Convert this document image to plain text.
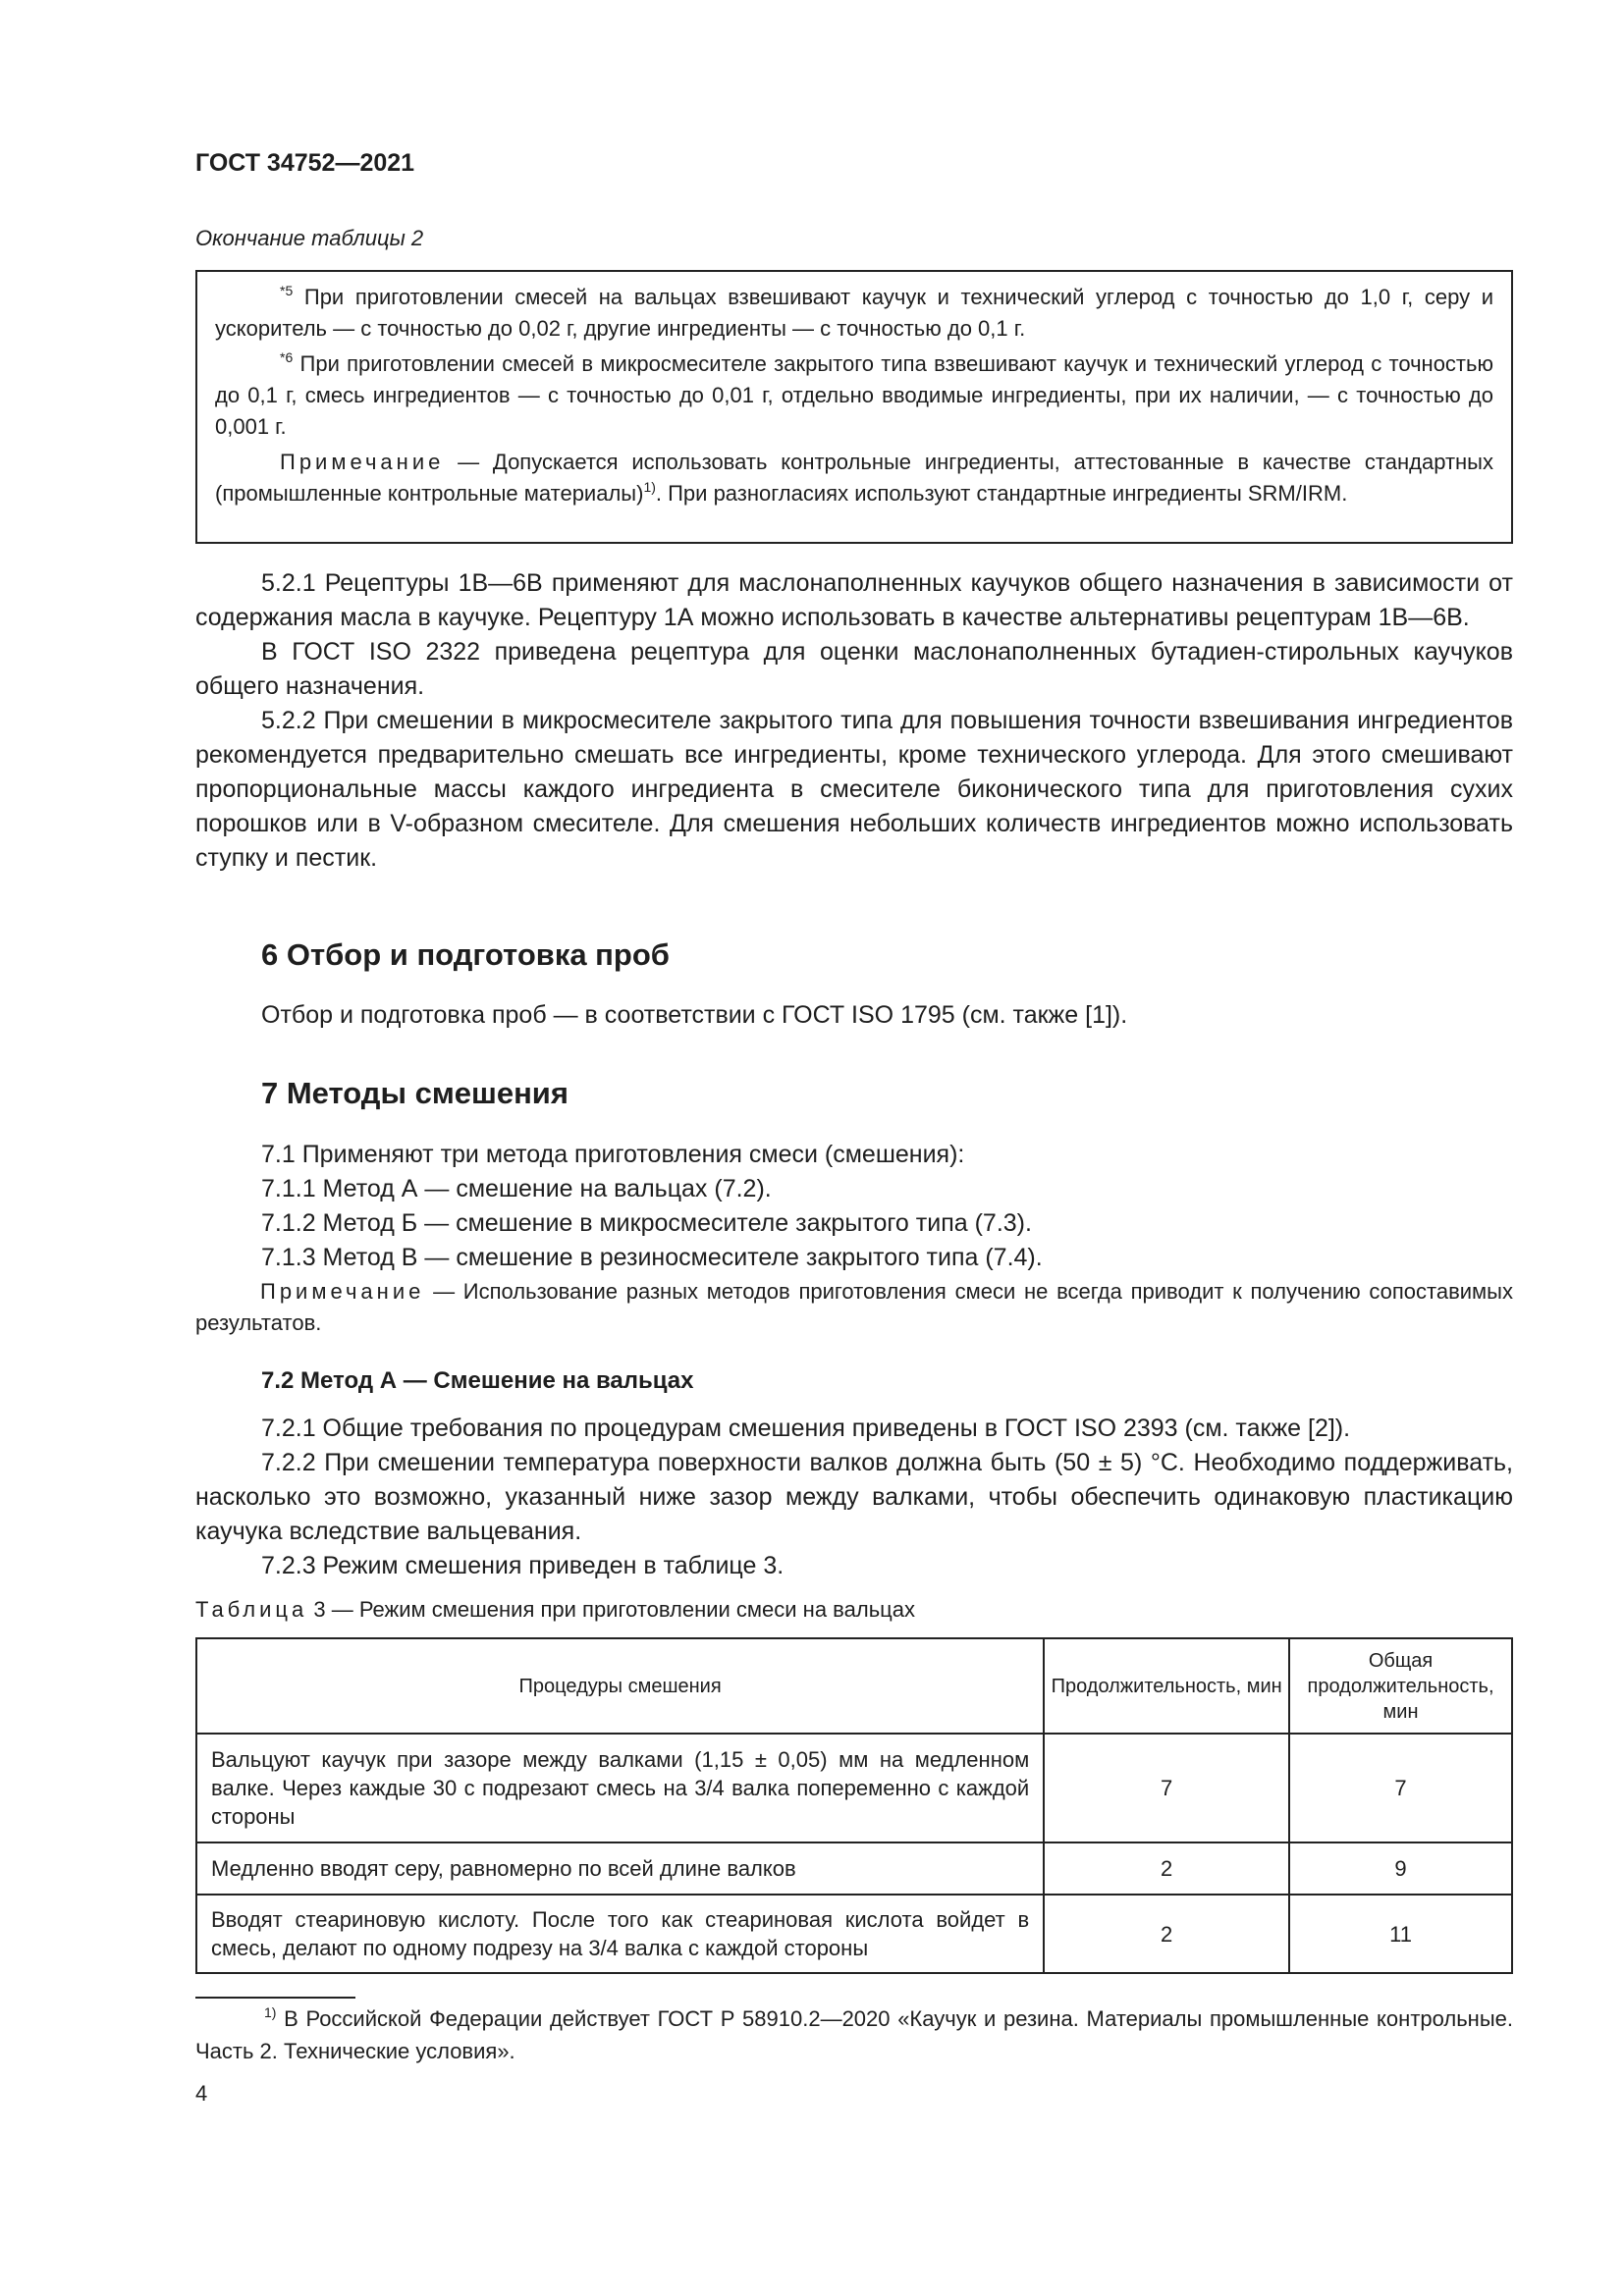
ГОСТ 34752—2021
Окончание таблицы 2

$^{*5}$ При приготовлении смесей на вальцах взвешивают каучук и технический углерод с точностью до 1,0 г, серу и ускоритель — с точностью до 0,02 г, другие ингредиенты — с точностью до 0,1 г.

$^{*6}$ При приготовлении смесей в микросмесителе закрытого типа взвешивают каучук и технический углерод с точностью до 0,1 г, смесь ингредиентов — с точностью до 0,01 г, отдельно вводимые ингредиенты, при их наличии, — с точностью до 0,001 г.

Примечание — Допускается использовать контрольные ингредиенты, аттестованные в качестве стандартных (промышленные контрольные материалы)$^{1)}$. При разногласиях используют стандартные ингредиенты SRM/IRM.

5.2.1 Рецептуры 1B—6B применяют для маслонаполненных каучуков общего назначения в зависимости от содержания масла в каучуке. Рецептуру 1А можно использовать в качестве альтернативы рецептурам 1B—6B.

В ГОСТ ISO 2322 приведена рецептура для оценки маслонаполненных бутадиен-стирольных каучуков общего назначения.

5.2.2 При смешении в микросмесителе закрытого типа для повышения точности взвешивания ингредиентов рекомендуется предварительно смешать все ингредиенты, кроме технического углерода. Для этого смешивают пропорциональные массы каждого ингредиента в смесителе биконического типа для приготовления сухих порошков или в V-образном смесителе. Для смешения небольших количеств ингредиентов можно использовать ступку и пестик.

6 Отбор и подготовка проб

Отбор и подготовка проб — в соответствии с ГОСТ ISO 1795 (см. также [1]).

7 Методы смешения

7.1 Применяют три метода приготовления смеси (смешения):

7.1.1 Метод А — смешение на вальцах (7.2).

7.1.2 Метод Б — смешение в микросмесителе закрытого типа (7.3).

7.1.3 Метод В — смешение в резиносмесителе закрытого типа (7.4).

Примечание — Использование разных методов приготовления смеси не всегда приводит к получению сопоставимых результатов.

7.2 Метод А — Смешение на вальцах

7.2.1 Общие требования по процедурам смешения приведены в ГОСТ ISO 2393 (см. также [2]).

7.2.2 При смешении температура поверхности валков должна быть (50 ± 5) °С. Необходимо поддерживать, насколько это возможно, указанный ниже зазор между валками, чтобы обеспечить одинаковую пластикацию каучука вследствие вальцевания.

7.2.3 Режим смешения приведен в таблице 3.

Таблица 3 — Режим смешения при приготовлении смеси на вальцах
Процедуры смешения	Продолжительность, мин	Общая продолжительность, мин
Вальцуют каучук при зазоре между валками (1,15 ± 0,05) мм на медленном валке. Через каждые 30 с подрезают смесь на 3/4 валка попеременно с каждой стороны	7	7
Медленно вводят серу, равномерно по всей длине валков	2	9
Вводят стеариновую кислоту. После того как стеариновая кислота войдет в смесь, делают по одному подрезу на 3/4 валка с каждой стороны	2	11

$^{1)}$ В Российской Федерации действует ГОСТ Р 58910.2—2020 «Каучук и резина. Материалы промышленные контрольные. Часть 2. Технические условия».

4
